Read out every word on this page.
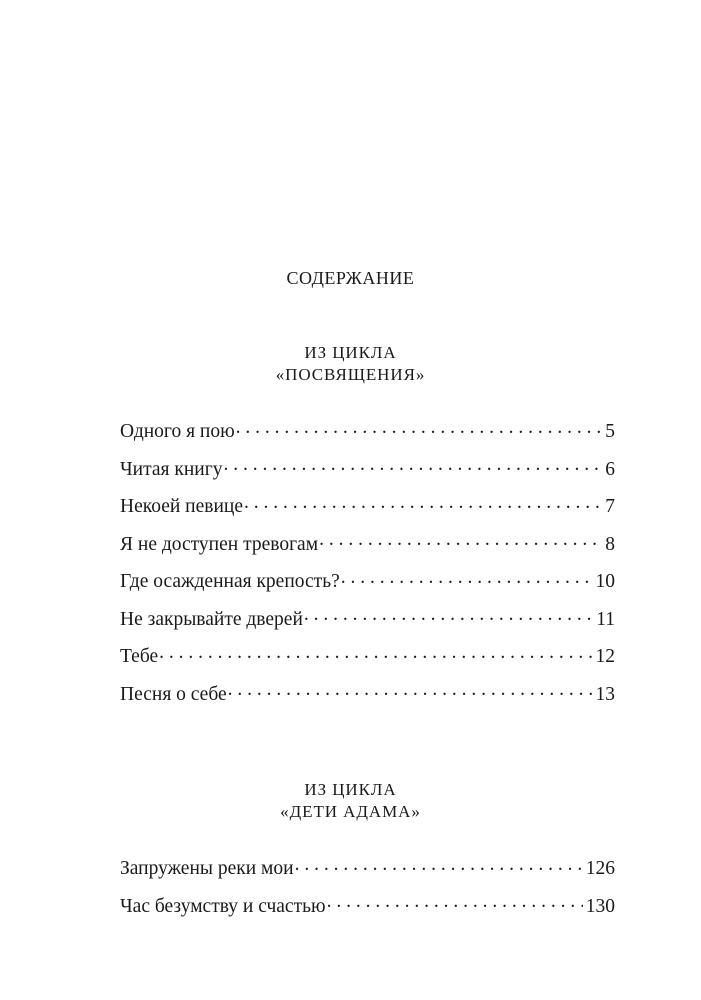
содержание
ИЗ ЦИКЛА
«ПОСВЯЩЕНИЯ»
Одного я пою . . .	5
Читая книгу . . .	6
Некоей певице . . .	7
Я не доступен тревогам . . .	8
Где осажденная крепость? . . .	10
Не закрывайте дверей . . .	11
Тебе . . .	12
Песня о себе . . .	13
ИЗ ЦИКЛА
«ДЕТИ АДАМА»
Запружены реки мои . . .	126
Час безумству и счастью . . .	130
